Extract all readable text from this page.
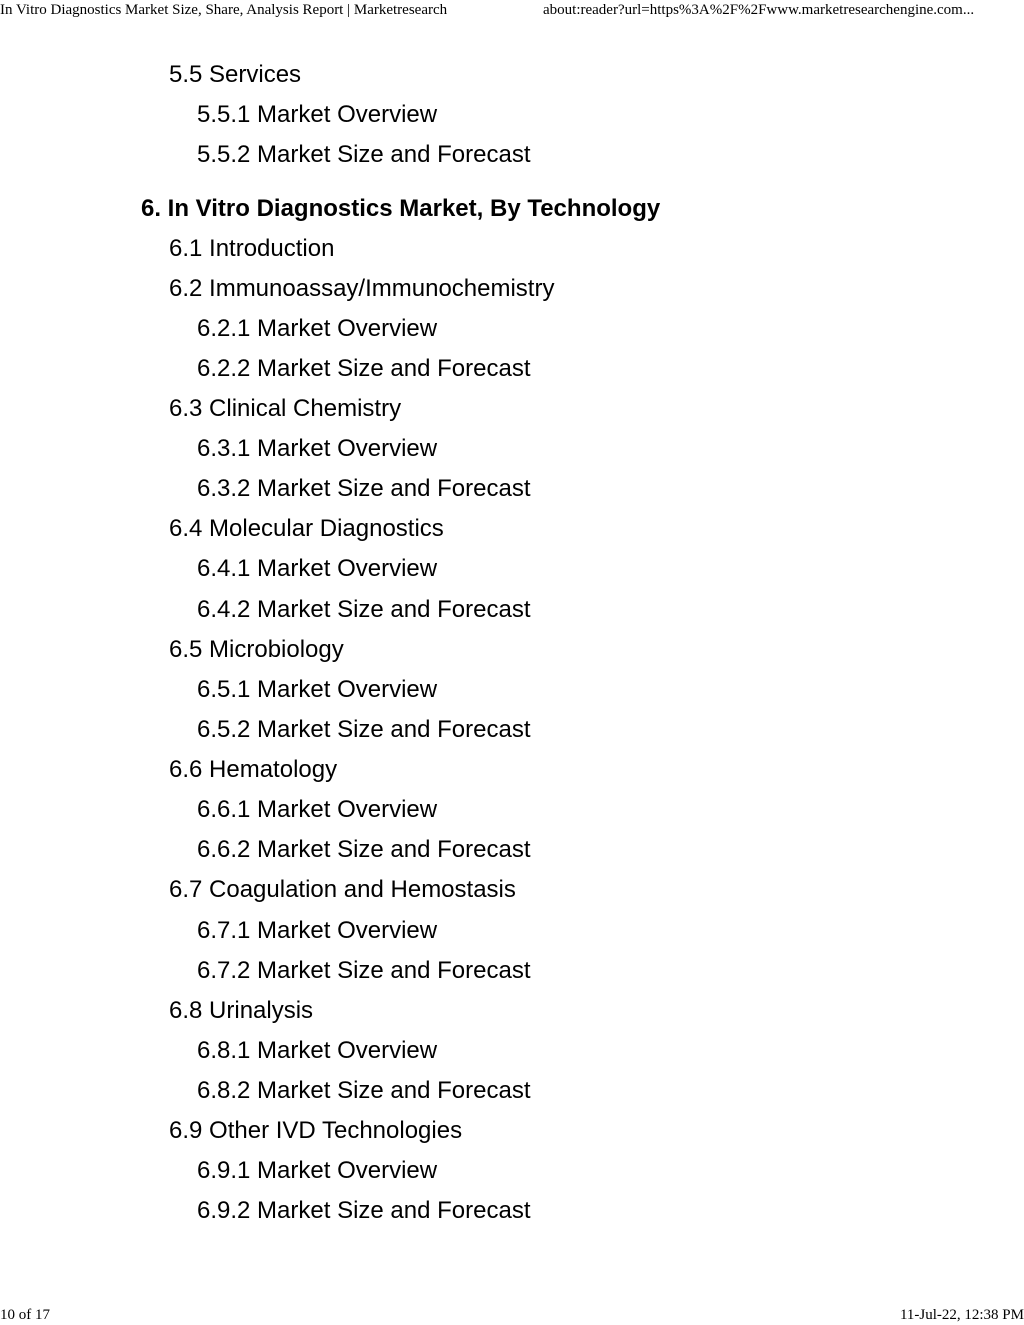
In Vitro Diagnostics Market Size, Share, Analysis Report | Marketresearch	about:reader?url=https%3A%2F%2Fwww.marketresearchengine.com...
5.5 Services
5.5.1 Market Overview
5.5.2 Market Size and Forecast
6. In Vitro Diagnostics Market, By Technology
6.1 Introduction
6.2 Immunoassay/Immunochemistry
6.2.1 Market Overview
6.2.2 Market Size and Forecast
6.3 Clinical Chemistry
6.3.1 Market Overview
6.3.2 Market Size and Forecast
6.4 Molecular Diagnostics
6.4.1 Market Overview
6.4.2 Market Size and Forecast
6.5 Microbiology
6.5.1 Market Overview
6.5.2 Market Size and Forecast
6.6 Hematology
6.6.1 Market Overview
6.6.2 Market Size and Forecast
6.7 Coagulation and Hemostasis
6.7.1 Market Overview
6.7.2 Market Size and Forecast
6.8 Urinalysis
6.8.1 Market Overview
6.8.2 Market Size and Forecast
6.9 Other IVD Technologies
6.9.1 Market Overview
6.9.2 Market Size and Forecast
10 of 17	11-Jul-22, 12:38 PM
